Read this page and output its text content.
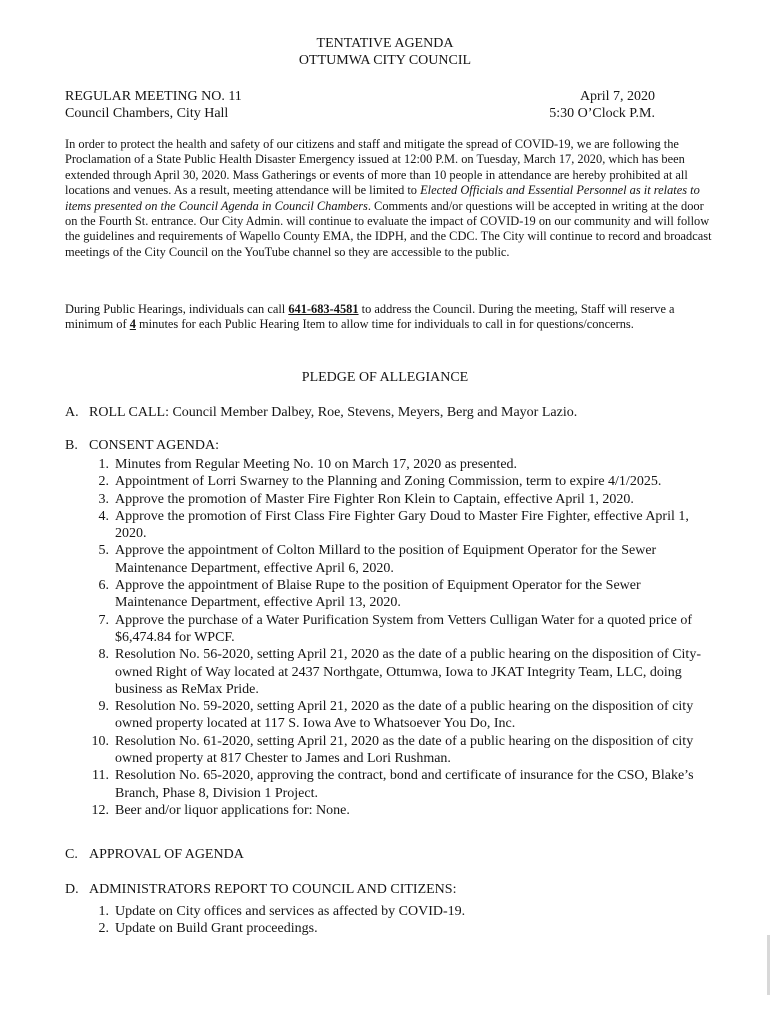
TENTATIVE AGENDA
OTTUMWA CITY COUNCIL
REGULAR MEETING NO. 11	April 7, 2020
Council Chambers, City Hall	5:30 O’Clock P.M.
In order to protect the health and safety of our citizens and staff and mitigate the spread of COVID-19, we are following the Proclamation of a State Public Health Disaster Emergency issued at 12:00 P.M. on Tuesday, March 17, 2020, which has been extended through April 30, 2020. Mass Gatherings or events of more than 10 people in attendance are hereby prohibited at all locations and venues. As a result, meeting attendance will be limited to Elected Officials and Essential Personnel as it relates to items presented on the Council Agenda in Council Chambers. Comments and/or questions will be accepted in writing at the door on the Fourth St. entrance. Our City Admin. will continue to evaluate the impact of COVID-19 on our community and will follow the guidelines and requirements of Wapello County EMA, the IDPH, and the CDC. The City will continue to record and broadcast meetings of the City Council on the YouTube channel so they are accessible to the public.
During Public Hearings, individuals can call 641-683-4581 to address the Council. During the meeting, Staff will reserve a minimum of 4 minutes for each Public Hearing Item to allow time for individuals to call in for questions/concerns.
PLEDGE OF ALLEGIANCE
A. ROLL CALL: Council Member Dalbey, Roe, Stevens, Meyers, Berg and Mayor Lazio.
B. CONSENT AGENDA:
1. Minutes from Regular Meeting No. 10 on March 17, 2020 as presented.
2. Appointment of Lorri Swarney to the Planning and Zoning Commission, term to expire 4/1/2025.
3. Approve the promotion of Master Fire Fighter Ron Klein to Captain, effective April 1, 2020.
4. Approve the promotion of First Class Fire Fighter Gary Doud to Master Fire Fighter, effective April 1, 2020.
5. Approve the appointment of Colton Millard to the position of Equipment Operator for the Sewer Maintenance Department, effective April 6, 2020.
6. Approve the appointment of Blaise Rupe to the position of Equipment Operator for the Sewer Maintenance Department, effective April 13, 2020.
7. Approve the purchase of a Water Purification System from Vetters Culligan Water for a quoted price of $6,474.84 for WPCF.
8. Resolution No. 56-2020, setting April 21, 2020 as the date of a public hearing on the disposition of City-owned Right of Way located at 2437 Northgate, Ottumwa, Iowa to JKAT Integrity Team, LLC, doing business as ReMax Pride.
9. Resolution No. 59-2020, setting April 21, 2020 as the date of a public hearing on the disposition of city owned property located at 117 S. Iowa Ave to Whatsoever You Do, Inc.
10. Resolution No. 61-2020, setting April 21, 2020 as the date of a public hearing on the disposition of city owned property at 817 Chester to James and Lori Rushman.
11. Resolution No. 65-2020, approving the contract, bond and certificate of insurance for the CSO, Blake’s Branch, Phase 8, Division 1 Project.
12. Beer and/or liquor applications for: None.
C. APPROVAL OF AGENDA
D. ADMINISTRATORS REPORT TO COUNCIL AND CITIZENS:
1. Update on City offices and services as affected by COVID-19.
2. Update on Build Grant proceedings.
